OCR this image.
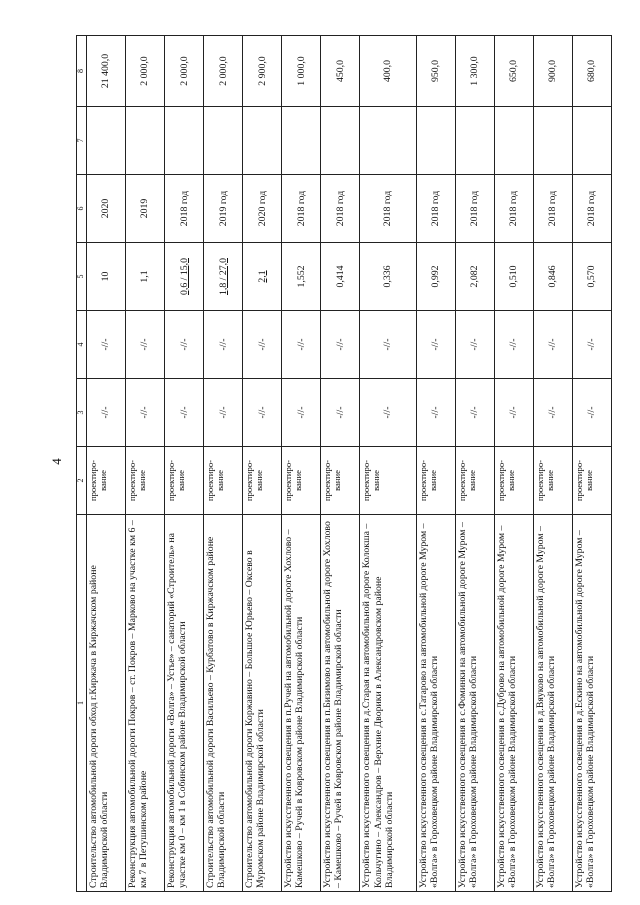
4
1	2	3	4	5	6	7	8
Строительство автомобильной дороги обход г.Киржача в Киржачском районе Владимирской области	проектиро-вание	-//-	-//-	10	2020		21 400,0
Реконструкция автомобильной дороги Покров – ст. Покров – Марково на участке км 6 – км 7 в Петушинском районе	проектиро-вание	-//-	-//-	1,1	2019		2 000,0
Реконструкция автомобильной дороги «Волга» – Устье» – санаторий «Строитель» на участке км 0 – км 1 в Собинском районе Владимирской области	проектиро-вание	-//-	-//-	0,6 / 15,0	2018 год		2 000,0
Строительство автомобильной дороги Васильево – Курбатово в Киржачском районе Владимирской области	проектиро-вание	-//-	-//-	1,8 / 27,0	2019 год		2 000,0
Строительство автомобильной дороги Коржавино – Большое Юрьево – Оксево в Муромском районе Владимирской области	проектиро-вание	-//-	-//-	2,1	2020 год		2 900,0
Устройство искусственного освещения в п.Ручей на автомобильной дороге Хохлово – Камешково – Ручей в Ковровском районе Владимирской области	проектиро-вание	-//-	-//-	1,552	2018 год		1 000,0
Устройство искусственного освещения в п.Бизимово на автомобильной дороге Хохлово – Камешково – Ручей в Ковровском районе Владимирской области	проектиро-вание	-//-	-//-	0,414	2018 год		450,0
Устройство искусственного освещения в д.Старая на автомобильной дороге Колокша – Кольчугино – Александров – Верхние Дворики в Александровском районе Владимирской области	проектиро-вание	-//-	-//-	0,336	2018 год		400,0
Устройство искусственного освещения в с.Татарово на автомобильной дороге Муром – «Волга» в Гороховецком районе Владимирской области	проектиро-вание	-//-	-//-	0,992	2018 год		950,0
Устройство искусственного освещения в с.Фоминки на автомобильной дороге Муром – «Волга» в Гороховецком районе Владимирской области	проектиро-вание	-//-	-//-	2,082	2018 год		1 300,0
Устройство искусственного освещения в с.Дуброво на автомобильной дороге Муром – «Волга» в Гороховецком районе Владимирской области	проектиро-вание	-//-	-//-	0,510	2018 год		650,0
Устройство искусственного освещения в д.Вяуково на автомобильной дороге Муром – «Волга» в Гороховецком районе Владимирской области	проектиро-вание	-//-	-//-	0,846	2018 год		900,0
Устройство искусственного освещения в д.Ескино на автомобильной дороге Муром – «Волга» в Гороховецком районе Владимирской области	проектиро-вание	-//-	-//-	0,570	2018 год		680,0
